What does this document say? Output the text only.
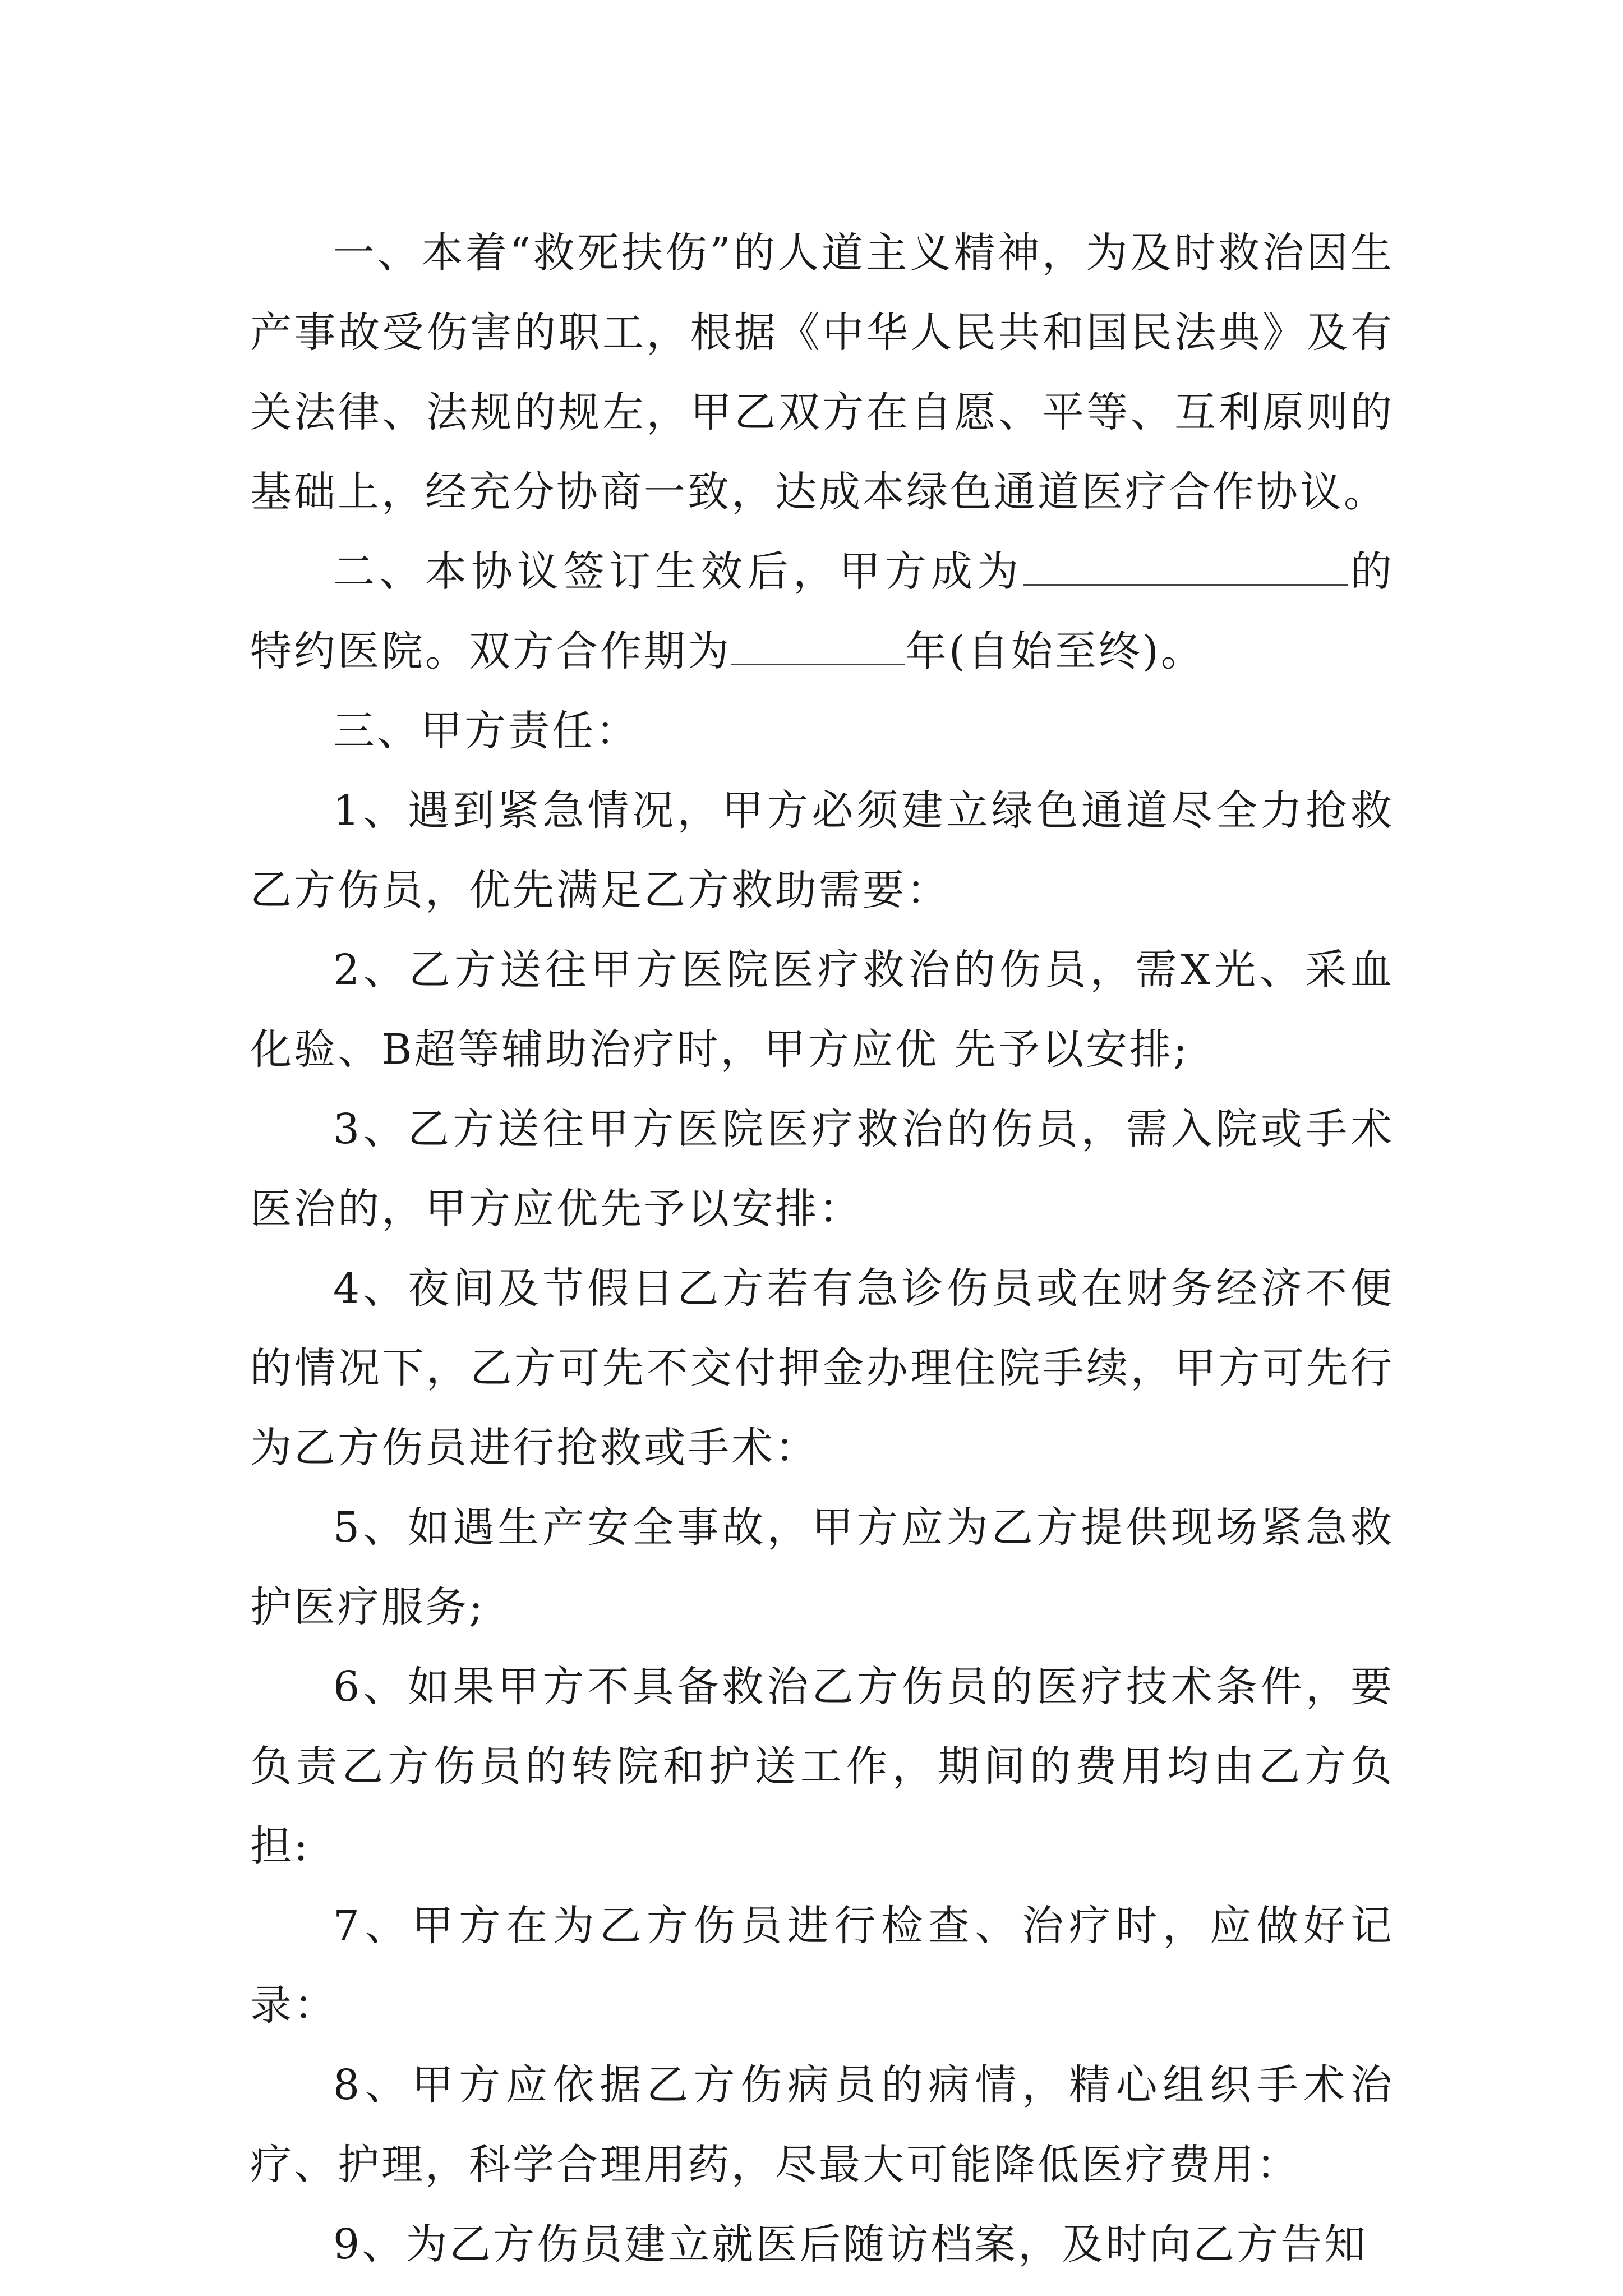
一、本着“救死扶伤”的人道主义精神，为及时救治因生产事故受伤害的职工，根据《中华人民共和国民法典》及有关法律、法规的规左，甲乙双方在自愿、平等、互利原则的基础上，经充分协商一致，达成本绿色通道医疗合作协议。

二、本协议签订生效后，甲方成为	的特约医院。双方合作期为	年(自始至终)。

三、甲方责任：

1、遇到紧急情况，甲方必须建立绿色通道尽全力抢救乙方伤员，优先满足乙方救助需要：

2、乙方送往甲方医院医疗救治的伤员，需X光、采血化验、B超等辅助治疗时，甲方应优 先予以安排;

3、乙方送往甲方医院医疗救治的伤员，需入院或手术医治的，甲方应优先予以安排：

4、夜间及节假日乙方若有急诊伤员或在财务经济不便的情况下，乙方可先不交付押金办理住院手续，甲方可先行为乙方伤员进行抢救或手术：

5、如遇生产安全事故，甲方应为乙方提供现场紧急救护医疗服务;

6、如果甲方不具备救治乙方伤员的医疗技术条件，要负责乙方伤员的转院和护送工作，期间的费用均由乙方负担:

7、甲方在为乙方伤员进行检查、治疗时，应做好记录：

8、甲方应依据乙方伤病员的病情，精心组织手术治疗、护理，科学合理用药，尽最大可能降低医疗费用：

9、为乙方伤员建立就医后随访档案，及时向乙方告知
